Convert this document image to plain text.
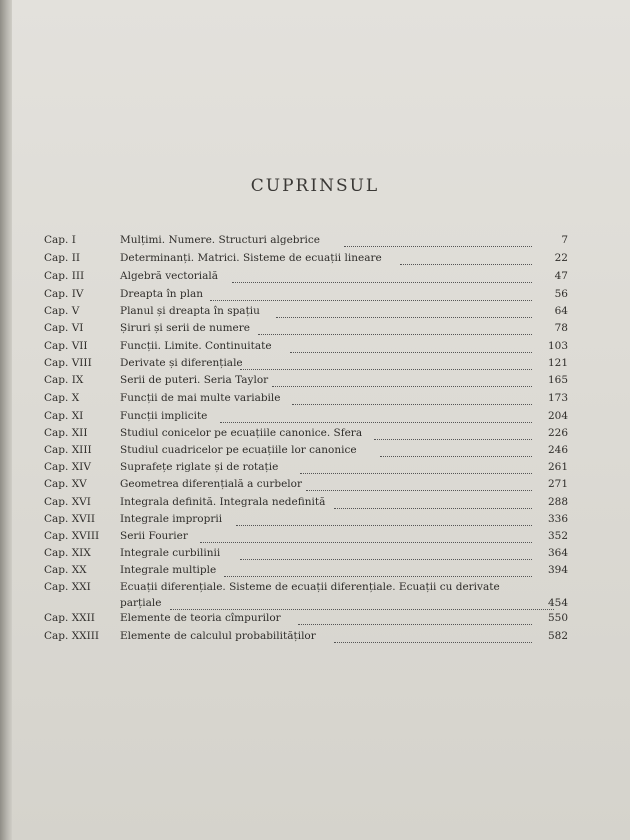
CUPRINSUL
Cap. I	Mulțimi. Numere. Structuri algebrice	7
Cap. II	Determinanți. Matrici. Sisteme de ecuații lineare	22
Cap. III	Algebră vectorială	47
Cap. IV	Dreapta în plan	56
Cap. V	Planul și dreapta în spațiu	64
Cap. VI	Șiruri și serii de numere	78
Cap. VII	Funcții. Limite. Continuitate	103
Cap. VIII	Derivate și diferențiale	121
Cap. IX	Serii de puteri. Seria Taylor	165
Cap. X	Funcții de mai multe variabile	173
Cap. XI	Funcții implicite	204
Cap. XII	Studiul conicelor pe ecuațiile canonice. Sfera	226
Cap. XIII	Studiul cuadricelor pe ecuațiile lor canonice	246
Cap. XIV	Suprafețe riglate și de rotație	261
Cap. XV	Geometrea diferențială a curbelor	271
Cap. XVI	Integrala definită. Integrala nedefinită	288
Cap. XVII Integrale improprii	336
Cap. XVIII Serii Fourier	352
Cap. XIX	Integrale curbilinii	364
Cap. XX	Integrale multiple	394
Cap. XXI	Ecuații diferențiale. Sisteme de ecuații diferențiale. Ecuații cu derivate
parțiale	454
Cap. XXII Elemente de teoria cîmpurilor	550
Cap. XXIII Elemente de calculul probabilităților	582
